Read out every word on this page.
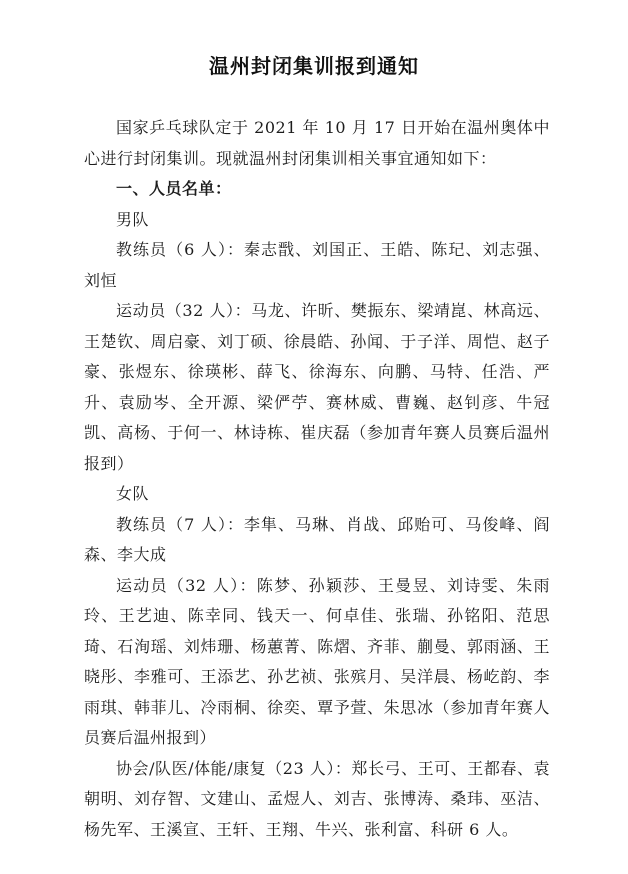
温州封闭集训报到通知

国家乒乓球队定于 2021 年 10 月 17 日开始在温州奥体中心进行封闭集训。现就温州封闭集训相关事宜通知如下：

一、人员名单：

男队

教练员（6 人）：秦志戬、刘国正、王皓、陈玘、刘志强、刘恒

运动员（32 人）：马龙、许昕、樊振东、梁靖崑、林高远、王楚钦、周启豪、刘丁硕、徐晨皓、孙闻、于子洋、周恺、赵子豪、张煜东、徐瑛彬、薛飞、徐海东、向鹏、马特、任浩、严升、袁励岑、全开源、梁俨苧、赛林威、曹巍、赵钊彦、牛冠凯、高杨、于何一、林诗栋、崔庆磊（参加青年赛人员赛后温州报到）

女队

教练员（7 人）：李隼、马琳、肖战、邱贻可、马俊峰、阎森、李大成

运动员（32 人）：陈梦、孙颖莎、王曼昱、刘诗雯、朱雨玲、王艺迪、陈幸同、钱天一、何卓佳、张瑞、孙铭阳、范思琦、石洵瑶、刘炜珊、杨蕙菁、陈熠、齐菲、蒯曼、郭雨涵、王晓彤、李雅可、王添艺、孙艺祯、张殡月、吴洋晨、杨屹韵、李雨琪、韩菲儿、冷雨桐、徐奕、覃予萱、朱思冰（参加青年赛人员赛后温州报到）

协会/队医/体能/康复（23 人）：郑长弓、王可、王都春、袁朝明、刘存智、文建山、孟煜人、刘吉、张博涛、桑玮、巫洁、杨先军、王溪宣、王轩、王翔、牛兴、张利富、科研 6 人。
